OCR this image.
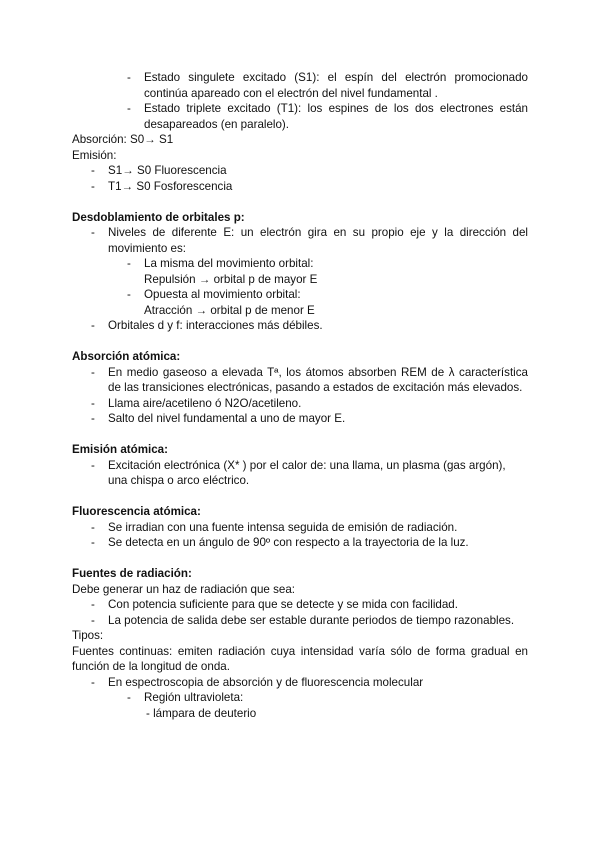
- Estado singulete excitado (S1): el espín del electrón promocionado continúa apareado con el electrón del nivel fundamental .

- Estado triplete excitado (T1): los espines de los dos electrones están desapareados (en paralelo).

Absorción: S0→ S1

Emisión:

- S1→ S0 Fluorescencia

- T1→ S0 Fosforescencia

Desdoblamiento de orbitales p:

- Niveles de diferente E: un electrón gira en su propio eje y la dirección del movimiento es:

- La misma del movimiento orbital:

Repulsión → orbital p de mayor E

- Opuesta al movimiento orbital:

Atracción → orbital p de menor E

- Orbitales d y f: interacciones más débiles.

Absorción atómica:

- En medio gaseoso a elevada Tª, los átomos absorben REM de λ característica de las transiciones electrónicas, pasando a estados de excitación más elevados.

- Llama aire/acetileno ó N2O/acetileno.

- Salto del nivel fundamental a uno de mayor E.

Emisión atómica:

- Excitación electrónica (X* ) por el calor de: una llama, un plasma (gas argón), una chispa o arco eléctrico.

Fluorescencia atómica:

- Se irradian con una fuente intensa seguida de emisión de radiación.

- Se detecta en un ángulo de 90º con respecto a la trayectoria de la luz.

Fuentes de radiación:

Debe generar un haz de radiación que sea:

- Con potencia suficiente para que se detecte y se mida con facilidad.

- La potencia de salida debe ser estable durante periodos de tiempo razonables.

Tipos:

Fuentes continuas: emiten radiación cuya intensidad varía sólo de forma gradual en función de la longitud de onda.

- En espectroscopia de absorción y de fluorescencia molecular

- Región ultravioleta:

- lámpara de deuterio
